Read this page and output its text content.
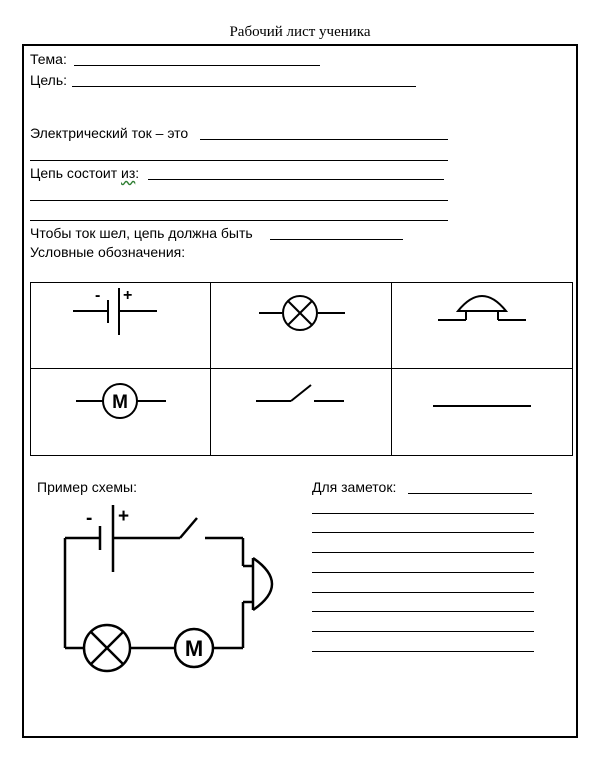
Рабочий лист ученика
Тема:
Цель:
Электрический ток – это
Цепь состоит из:
Чтобы ток шел, цепь должна быть
Условные обозначения:
- +
M
Пример схемы:
- +
M
Для заметок:
